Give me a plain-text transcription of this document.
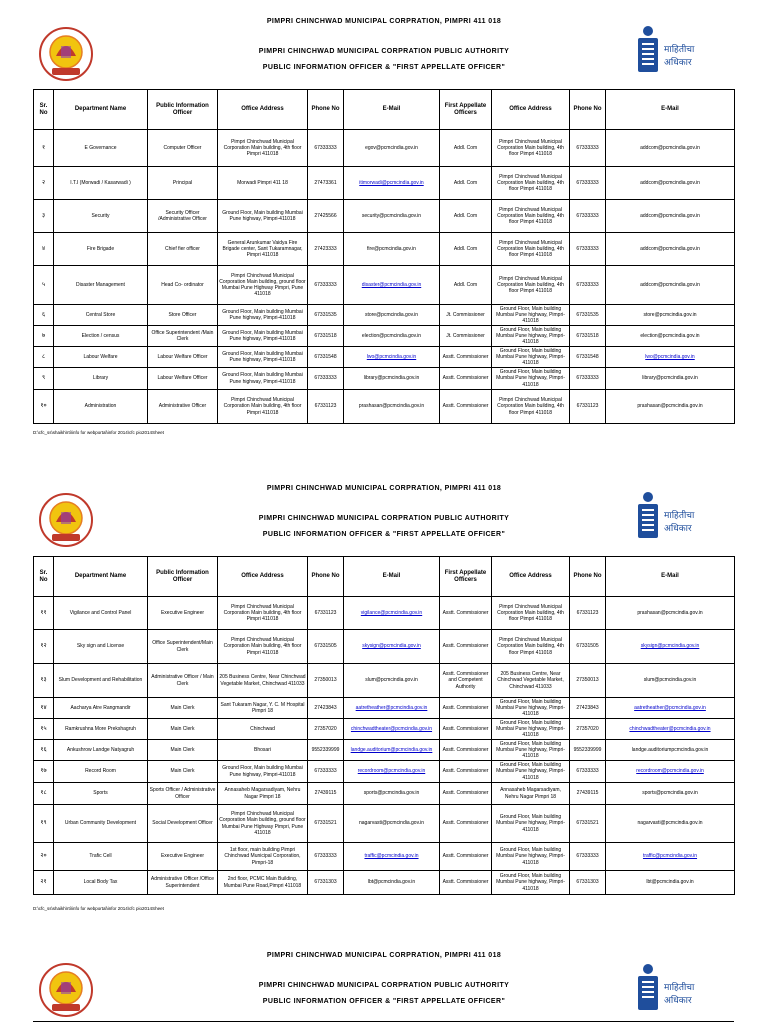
PIMPRI CHINCHWAD MUNICIPAL CORPRATION, PIMPRI 411 018
PIMPRI CHINCHWAD MUNICIPAL CORPRATION PUBLIC AUTHORITY
PUBLIC INFORMATION OFFICER & "FIRST APPELLATE OFFICER"
माहितीचा
अधिकार
Sr. No	Department Name	Public Information Officer	Office Address	Phone No	E-Mail	First Appellate Officers	Office Address	Phone No	E-Mail
१	E Governance	Computer Officer	Pimpri Chinchwad Municipal Corporation Main building, 4th floor Pimpri 411018	67333333	egov@pcmcindia.gov.in	Addl. Com	Pimpri Chinchwad Municipal Corporation Main building, 4th floor Pimpri 411018	67333333	addcom@pcmcindia.gov.in
२	I.T.I (Morwadi / Kasarwadi )	Principal	Morwadi Pimpri 411 18	27473361	itimorwadi@pcmcindia.gov.in	Addl. Com	Pimpri Chinchwad Municipal Corporation Main building, 4th floor Pimpri 411018	67333333	addcom@pcmcindia.gov.in
३	Security	Security Officer /Administrative Officer	Ground Floor, Main building Mumbai Pune highway, Pimpri-411018	27425566	security@pcmcindia.gov.in	Addl. Com	Pimpri Chinchwad Municipal Corporation Main building, 4th floor Pimpri 411018	67333333	addcom@pcmcindia.gov.in
४	Fire Brigade	Chief fier officer	General Arunkumar Vaidya Fire Brigade center, Sant Tukaramnagar, Pimpri 411018	27423333	fire@pcmcindia.gov.in	Addl. Com	Pimpri Chinchwad Municipal Corporation Main building, 4th floor Pimpri 411018	67333333	addcom@pcmcindia.gov.in
५	Disaster Management	Head Co- ordinator	Pimpri Chinchwad Municipal Corporation Main building, ground floor Mumbai Pune Highway Pimpri, Pune 411018	67333333	disaster@pcmcindia.gov.in	Addl. Com	Pimpri Chinchwad Municipal Corporation Main building, 4th floor Pimpri 411018	67333333	addcom@pcmcindia.gov.in
६	Central Store	Store Officer	Ground Floor, Main building Mumbai Pune highway, Pimpri-411018	67331535	store@pcmcindia.gov.in	Jt. Commissioner	Ground Floor, Main building Mumbai Pune highway, Pimpri-411018	67331535	store@pcmcindia.gov.in
७	Election / census	Office Superintendent /Main Clerk	Ground Floor, Main building Mumbai Pune highway, Pimpri-411018	67331518	election@pcmcindia.gov.in	Jt. Commissioner	Ground Floor, Main building Mumbai Pune highway, Pimpri-411018	67331518	election@pcmcindia.gov.in
८	Labour Welfare	Labour Welfare Officer	Ground Floor, Main building Mumbai Pune highway, Pimpri-411018	67331548	lwo@pcmcindia.gov.in	Asstt. Commissioner	Ground Floor, Main building Mumbai Pune highway, Pimpri-411018	67331548	lwo@pcmcindia.gov.in
९	Library	Labour Welfare Officer	Ground Floor, Main building Mumbai Pune highway, Pimpri-411018	67333333	library@pcmcindia.gov.in	Asstt. Commissioner	Ground Floor, Main building Mumbai Pune highway, Pimpri-411018	67333333	library@pcmcindia.gov.in
१०	Administration	Administrative Officer	Pimpri Chinchwad Municipal Corporation Main building, 4th floor Pimpri 411018	67331123	prashasan@pcmcindia.gov.in	Asstt. Commissioner	Pimpri Chinchwad Municipal Corporation Main building, 4th floor Pimpri 411018	67331123	prashasan@pcmcindia.gov.in
D:\cfc_ss\shaikh\rti\info for webportal\infor 2014\cfc pio2014Sheet
PIMPRI CHINCHWAD MUNICIPAL CORPRATION, PIMPRI 411 018
PIMPRI CHINCHWAD MUNICIPAL CORPRATION PUBLIC AUTHORITY
PUBLIC INFORMATION OFFICER & "FIRST APPELLATE OFFICER"
माहितीचा
अधिकार
Sr. No	Department Name	Public Information Officer	Office Address	Phone No	E-Mail	First Appellate Officers	Office Address	Phone No	E-Mail
११	Vigilance and Control Panel	Executive Engineer	Pimpri Chinchwad Municipal Corporation Main building, 4th floor Pimpri 411018	67331123	vigilance@pcmcindia.gov.in	Asstt. Commissioner	Pimpri Chinchwad Municipal Corporation Main building, 4th floor Pimpri 411018	67331123	prashasan@pcmcindia.gov.in
१२	Sky sign and License	Office Superintendent/Main Clerk	Pimpri Chinchwad Municipal Corporation Main building, 4th floor Pimpri 411018	67331505	skysign@pcmcindia.gov.in	Asstt. Commissioner	Pimpri Chinchwad Municipal Corporation Main building, 4th floor Pimpri 411018	67331505	skysign@pcmcindia.gov.in
१३	Slum Development and Rehabilitation	Administrative Officer / Main Clerk	205 Business Centre, Near Chinchwad Vegetable Market, Chinchwad 411033	27350013	slum@pcmcindia.gov.in	Asstt. Commissioner and Competent Authority	205 Business Centre, Near Chinchwad Vegetable Market, Chinchwad 411033	27350013	slum@pcmcindia.gov.in
१४	Aacharya Atre Rangmandir	Main Clerk	Sant Tukaram Nagar, Y. C. M Hospital Pimpri 18	27423843	aatretheather@pcmcindia.gov.in	Asstt. Commissioner	Ground Floor, Main building Mumbai Pune highway, Pimpri-411018	27423843	aatretheather@pcmcindia.gov.in
१५	Ramkrushna More Prekshagruh	Main Clerk	Chinchwad	27357020	chinchwadtheater@pcmcindia.gov.in	Asstt. Commissioner	Ground Floor, Main building Mumbai Pune highway, Pimpri-411018	27357020	chinchwadtheater@pcmcindia.gov.in
१६	Ankushrow Landge Natyagruh	Main Clerk	Bhosari	9552339999	landge.auditorium@pcmcindia.gov.in	Asstt. Commissioner	Ground Floor, Main building Mumbai Pune highway, Pimpri-411018	9552339999	landge.auditoriumpcmcindia.gov.in
१७	Record Room	Main Clerk	Ground Floor, Main building Mumbai Pune highway, Pimpri-411018	67333333	recordroom@pcmcindia.gov.in	Asstt. Commissioner	Ground Floor, Main building Mumbai Pune highway, Pimpri-411018	67333333	recordroom@pcmcindia.gov.in
१८	Sports	Sports Officer / Administrative Officer	Annasaheb Magarsadiyam, Nehru Nagar Pimpri 18	27439115	sports@pcmcindia.gov.in	Asstt. Commissioner	Annasaheb Magarsadiyam, Nehru Nagar Pimpri 18	27439115	sports@pcmcindia.gov.in
१९	Urban Community Development	Social Development Officer	Pimpri Chinchwad Municipal Corporation Main building, ground floor Mumbai Pune Highway Pimpri, Pune 411018	67331521	nagarvasti@pcmcindia.gov.in	Asstt. Commissioner	Ground Floor, Main building Mumbai Pune highway, Pimpri-411018	67331521	nagarvasti@pcmcindia.gov.in
२०	Trafic Cell	Executive Engineer	1st floor, main building Pimpri Chinchwad Municipal Corporation, Pimpri-18	67333333	traffic@pcmcindia.gov.in	Asstt. Commissioner	Ground Floor, Main building Mumbai Pune highway, Pimpri-411018	67333333	traffic@pcmcindia.gov.in
२१	Local Body Tax	Administrative Officer /Office Superintendent	2nd floor, PCMC Main Building, Mumbai Pune Road,Pimpri 411018	67331303	lbt@pcmcindia.gov.in	Asstt. Commissioner	Ground Floor, Main building Mumbai Pune highway, Pimpri-411018	67331303	lbt@pcmcindia.gov.in
D:\cfc_ss\shaikh\rti\info for webportal\infor 2014\cfc pio2014Sheet
PIMPRI CHINCHWAD MUNICIPAL CORPRATION, PIMPRI 411 018
PIMPRI CHINCHWAD MUNICIPAL CORPRATION PUBLIC AUTHORITY
PUBLIC INFORMATION OFFICER & "FIRST APPELLATE OFFICER"
माहितीचा
अधिकार
